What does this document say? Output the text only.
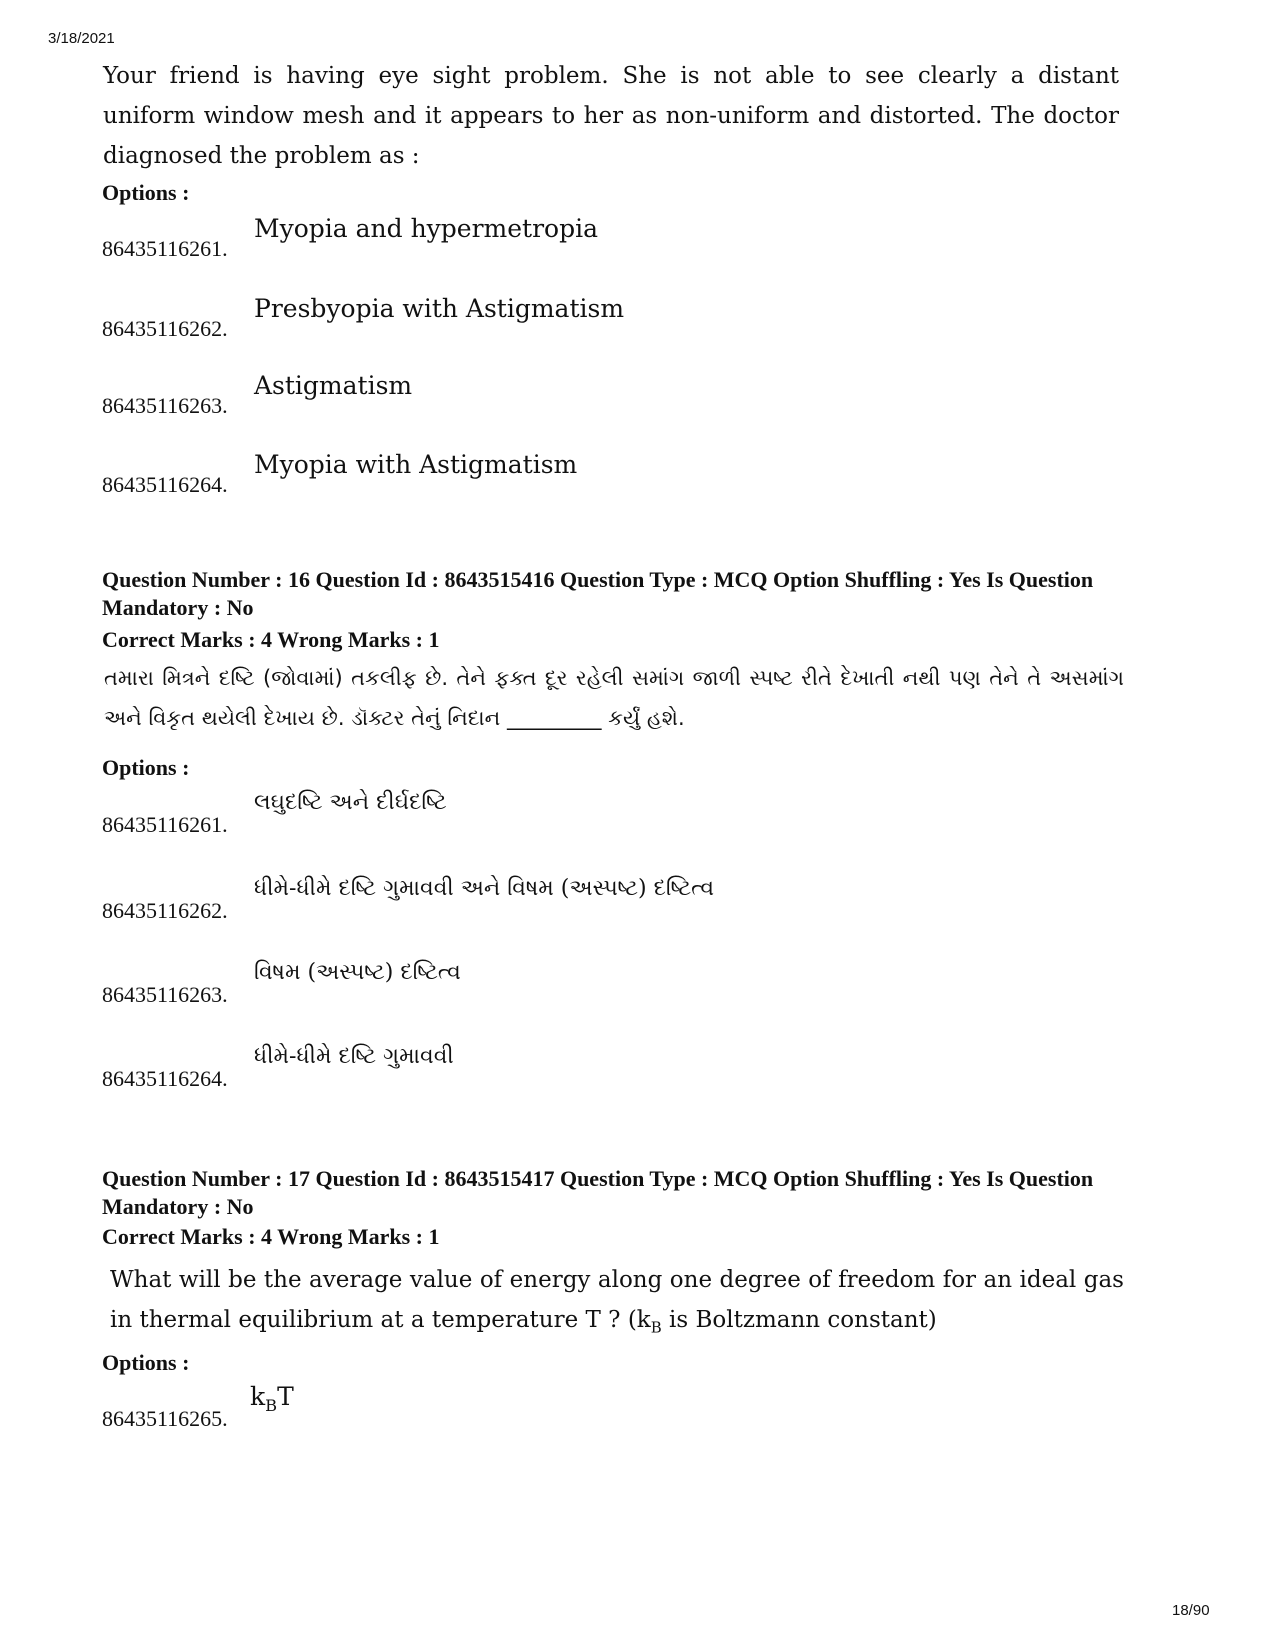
3/18/2021
Your friend is having eye sight problem. She is not able to see clearly a distant uniform window mesh and it appears to her as non-uniform and distorted. The doctor diagnosed the problem as :
Options :
86435116261.
Myopia and hypermetropia
86435116262.
Presbyopia with Astigmatism
86435116263.
Astigmatism
86435116264.
Myopia with Astigmatism
Question Number : 16 Question Id : 8643515416 Question Type : MCQ Option Shuffling : Yes Is Question Mandatory : No
Correct Marks : 4 Wrong Marks : 1
તમારા મિત્રને દષ્ટિ (જોવામાં) તકલીફ છે. તેને ફક્ત દૂર રહેલી સમાંગ જાળી સ્પષ્ટ રીતે દેખાતી નથી પણ તેને તે અસમાંગ અને વિકૃત થયેલી દેખાય છે. ડૉક્ટર તેનું નિદાન _________ કર્યું હશે.
Options :
86435116261.
લઘુદષ્ટિ અને દીર્ઘદષ્ટિ
86435116262.
ધીમે-ધીમે દષ્ટિ ગુમાવવી અને વિષમ (અસ્પષ્ટ) દષ્ટિત્વ
86435116263.
વિષમ (અસ્પષ્ટ) દષ્ટિત્વ
86435116264.
ધીમે-ધીમે દષ્ટિ ગુમાવવી
Question Number : 17 Question Id : 8643515417 Question Type : MCQ Option Shuffling : Yes Is Question Mandatory : No
Correct Marks : 4 Wrong Marks : 1
What will be the average value of energy along one degree of freedom for an ideal gas in thermal equilibrium at a temperature T ? ($k_B$ is Boltzmann constant)
Options :
86435116265.
$k_BT$
18/90
